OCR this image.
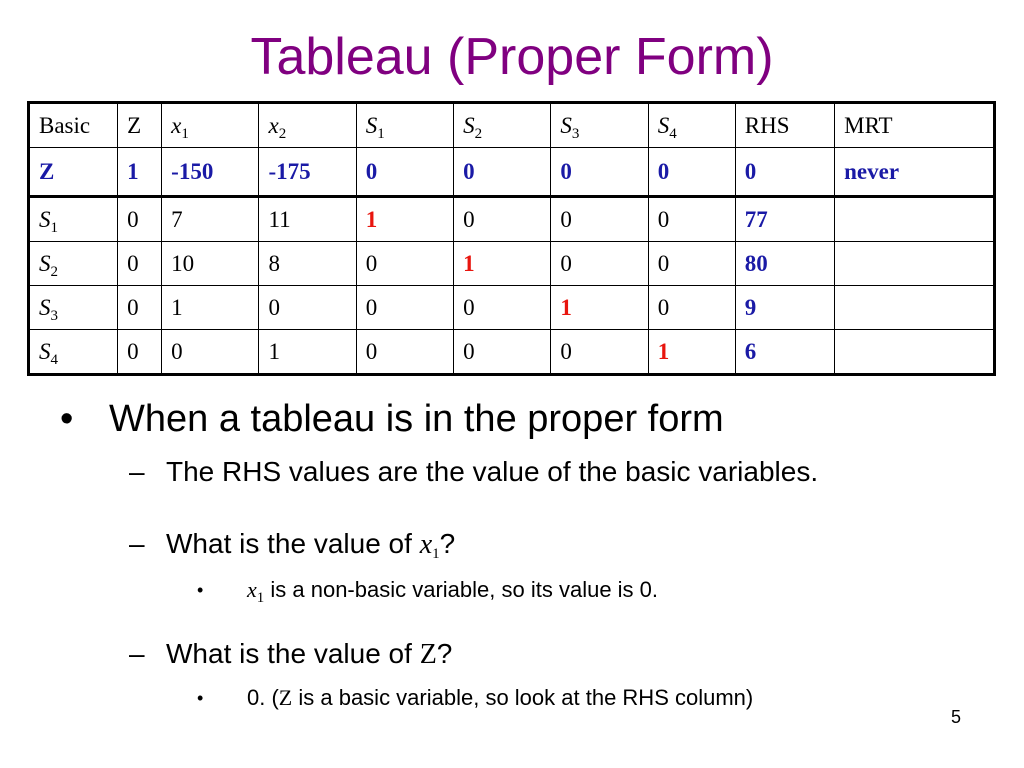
Tableau (Proper Form)
Basic	Z	$x_1$	$x_2$	$S_1$	$S_2$	$S_3$	$S_4$	RHS	MRT
Z	1	-150	-175	0	0	0	0	0	never
$S_1$	0	7	11	1	0	0	0	77	
$S_2$	0	10	8	0	1	0	0	80	
$S_3$	0	1	0	0	0	1	0	9	
$S_4$	0	0	1	0	0	0	1	6	
• When a tableau is in the proper form
– The RHS values are the value of the basic variables.
– What is the value of $x_1$?
• $x_1$ is a non-basic variable, so its value is 0.
– What is the value of Z?
• 0. (Z is a basic variable, so look at the RHS column)
5
